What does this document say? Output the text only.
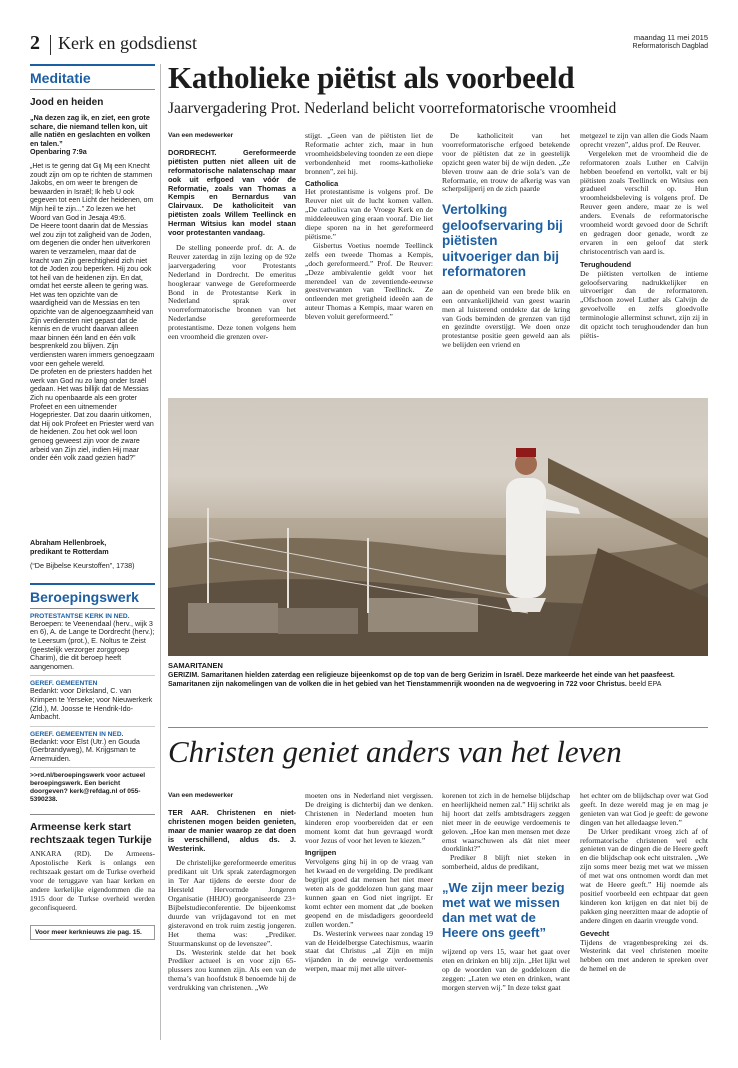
2 Kerk en godsdienst	maandag 11 mei 2015
Reformatorisch Dagblad
Meditatie
Jood en heiden
„Na dezen zag ik, en ziet, een grote schare, die niemand tellen kon, uit alle natiën en geslachten en volken en talen.”
Openbaring 7:9a

„Het is te gering dat Gij Mij een Knecht zoudt zijn om op te richten de stammen Jakobs, en om weer te brengen de bewaarden in Israël; Ik heb U ook gegeven tot een Licht der heidenen, om Mijn heil te zijn...” Zo lezen we het Woord van God in Jesaja 49:6.

De Heere toont daarin dat de Messias wel zou zijn tot zaligheid van de Joden, om degenen die onder hen uitverkoren waren te verzamelen, maar dat de kracht van Zijn gerechtigheid zich niet tot de Joden zou beperken. Hij zou ook tot heil van de heidenen zijn. En dat, omdat het eerste alleen te gering was. Het was ten opzichte van de waardigheid van de Messias en ten opzichte van de algenoegzaamheid van Zijn verdiensten niet gepast dat de kennis en de vrucht daarvan alleen maar binnen één land en één volk besprenkeld zou blijven. Zijn verdiensten waren immers genoegzaam voor een gehele wereld.

De profeten en de priesters hadden het werk van God nu zo lang onder Israël gedaan. Het was billijk dat de Messias Zich nu openbaarde als een groter Profeet en een uitnemender Hogepriester. Dat zou daarin uitkomen, dat Hij ook Profeet en Priester werd van de heidenen. Zou het ook wel loon genoeg geweest zijn voor de zware arbeid van Zijn ziel, indien Hij maar onder één volk zaad gezien had?”

Abraham Hellenbroek,
predikant te Rotterdam
(“De Bijbelse Keurstoffen”, 1738)
Beroepingswerk
PROTESTANTSE KERK IN NED.
Beroepen: te Veenendaal (herv., wijk 3 en 6), A. de Lange te Dordrecht (herv.); te Leersum (prot.), E. Noltus te Zeist (geestelijk verzorger zorggroep Charim), die dit beroep heeft aangenomen.
GEREF. GEMEENTEN
Bedankt: voor Dirksland, C. van Krimpen te Yerseke; voor Nieuwerkerk (Zld.), M. Joosse te Hendrik-Ido-Ambacht.
GEREF. GEMEENTEN IN NED.
Bedankt: voor Elst (Utr.) en Gouda (Gerbrandyweg), M. Krijgsman te Arnemuiden.
>>rd.nl/beroepingswerk voor actueel beroepingswerk. Een bericht doorgeven? kerk@refdag.nl of 055-5390238.
Armeense kerk start rechtszaak tegen Turkije
ANKARA (RD). De Armeens-Apostolische Kerk is onlangs een rechtszaak gestart om de Turkse overheid voor de teruggave van haar kerken en andere kerkelijke eigendommen die na 1915 door de Turkse overheid werden geconfisqueerd.
Voor meer kerknieuws zie pag. 15.
Katholieke piëtist als voorbeeld
Jaarvergadering Prot. Nederland belicht voorreformatorische vroomheid

Van een medewerker

DORDRECHT. Gereformeerde piëtisten putten niet alleen uit de reformatorische nalatenschap maar ook uit erfgoed van vóór de Reformatie, zoals van Thomas a Kempis en Bernardus van Clairvaux. De katholiciteit van piëtisten zoals Willem Teellinck en Herman Witsius kan model staan voor protestanten vandaag.

De stelling poneerde prof. dr. A. de Reuver zaterdag in zijn lezing op de 92e jaarvergadering voor Protestants Nederland in Dordrecht. De emeritus hoogleraar vanwege de Gereformeerde Bond in de Protestantse Kerk in Nederland sprak over voorreformatorische bronnen van het Nederlandse gereformeerde protestantisme. Deze tonen volgens hem een vroomheid die grenzen over-

stijgt. „Geen van de piëtisten liet de Reformatie achter zich, maar in hun vroomheidsbeleving toonden ze een diepe verbondenheid met rooms-katholieke bronnen”, zei hij.

Catholica

Het protestantisme is volgens prof. De Reuver niet uit de lucht komen vallen. „De catholica van de Vroege Kerk en de middeleeuwen ging eraan vooraf. Die liet diepe sporen na in het gereformeerd piëtisme.”

Gisbertus Voetius noemde Teellinck zelfs een tweede Thomas a Kempis, „doch gereformeerd.” Prof. De Reuver: „Deze ambivalentie geldt voor het merendeel van de zeventiende-eeuwse geestverwanten van Teellinck. Ze ontleenden met gretigheid ideeën aan de auteur Thomas a Kempis, maar waren en bleven voluit gereformeerd.”

De katholiciteit van het voorreformatorische erfgoed betekende voor de piëtisten dat ze in geestelijk opzicht geen water bij de wijn deden. „Ze bleven trouw aan de drie sola’s van de Reformatie, en trouw de afkerig was van scherpslijperij en de zich paarde

Vertolking geloofservaring bij piëtisten uitvoeriger dan bij reformatoren

aan de openheid van een brede blik en een ontvankelijkheid van geest waarin men al luisterend ontdekte dat de kring van Gods beminden de grenzen van tijd en gezindte overstijgt. We doen onze protestantse positie geen geweld aan als we belijden een vriend en

metgezel te zijn van allen die Gods Naam oprecht vrezen”, aldus prof. De Reuver.

Vergeleken met de vroomheid die de reformatoren zoals Luther en Calvijn hebben beoefend en vertolkt, valt er bij piëtisten zoals Teellinck en Witsius een gradueel verschil op. Hun vroomheidsbeleving is volgens prof. De Reuver geen andere, maar ze is wel anders. Evenals de reformatorische vroomheid wordt gevoed door de Schrift en gedragen door genade, wordt ze ervaren in een geloof dat sterk christocentrisch van aard is.

Terughoudend

De piëtisten vertolken de intieme geloofservaring nadrukkelijker en uitvoeriger dan de reformatoren. „Ofschoon zowel Luther als Calvijn de gevoelvolle en zelfs gloedvolle terminologie allerminst schuwt, zijn zij in dit opzicht toch terughoudender dan hun piëtis-

SAMARITANEN
GERIZIM. Samaritanen hielden zaterdag een religieuze bijeenkomst op de top van de berg Gerizim in Israël. Deze markeerde het einde van het paasfeest. Samaritanen zijn nakomelingen van de volken die in het gebied van het Tienstammenrijk woonden na de wegvoering in 722 voor Christus. beeld EPA
Christen geniet anders van het leven

Van een medewerker

TER AAR. Christenen en niet-christenen mogen beiden genieten, maar de manier waarop ze dat doen is verschillend, aldus ds. J. Westerink.

De christelijke gereformeerde emeritus predikant uit Urk sprak zaterdagmorgen in Ter Aar tijdens de eerste door de Hersteld Hervormde Jongeren Organisatie (HHJO) georganiseerde 23+ Bijbelstudieconferentie. De bijeenkomst duurde van vrijdagavond tot en met gisteravond en trok ruim zestig jongeren. Het thema was: „Prediker. Stuurmanskunst op de levenszee”.

Ds. Westerink stelde dat het boek Prediker actueel is en voor zijn 65-plussers zou kunnen zijn. Als een van de thema’s van hoofdstuk 8 benoemde hij de verdrukking van christenen. „We

moeten ons in Nederland niet vergissen. De dreiging is dichterbij dan we denken. Christenen in Nederland moeten hun kinderen erop voorbereiden dat er een moment komt dat hun gevraagd wordt voor Jezus of voor het leven te kiezen.”

Ingrijpen

Vervolgens ging hij in op de vraag van het kwaad en de vergelding. De predikant begrijpt goed dat mensen het niet meer weten als de goddelozen hun gang maar kunnen gaan en God niet ingrijpt. Er komt echter een moment dat „de boeken geopend en de misdadigers geoordeeld zullen worden.”

Ds. Westerink verwees naar zondag 19 van de Heidelbergse Catechismus, waarin staat dat Christus „al Zijn en mijn vijanden in de eeuwige verdoemenis werpen, maar mij met alle uitver-

korenen tot zich in de hemelse blijdschap en heerlijkheid nemen zal.” Hij schrikt als hij hoort dat zelfs ambtsdragers zeggen niet meer in de eeuwige verdoemenis te geloven. „Hoe kan men mensen met deze ernst waarschuwen als dát niet meer doorklinkt?”

Prediker 8 blijft niet steken in somberheid, aldus de predikant,

„We zijn meer bezig met wat we missen dan met wat de Heere ons geeft”

wijzend op vers 15, waar het gaat over eten en drinken en blij zijn. „Het lijkt wel op de woorden van de goddelozen die zeggen: „Laten we eten en drinken, want morgen sterven wij.” In deze tekst gaat

het echter om de blijdschap over wat God geeft. In deze wereld mag je en mag je genieten van wat God je geeft: de gewone dingen van het alledaagse leven.”

De Urker predikant vroeg zich af of reformatorische christenen wel echt genieten van de dingen die de Heere geeft en die blijdschap ook echt uitstralen. „We zijn soms meer bezig met wat we missen of met wat ons ontnomen wordt dan met wat de Heere geeft.” Hij noemde als positief voorbeeld een echtpaar dat geen kinderen kon krijgen en dat niet bij de pakken ging neerzitten maar de adoptie of andere dingen en daarin vreugde vond.

Gevecht

Tijdens de vragenbespreking zei ds. Westerink dat veel christenen moeite hebben om met anderen te spreken over de hemel en de
